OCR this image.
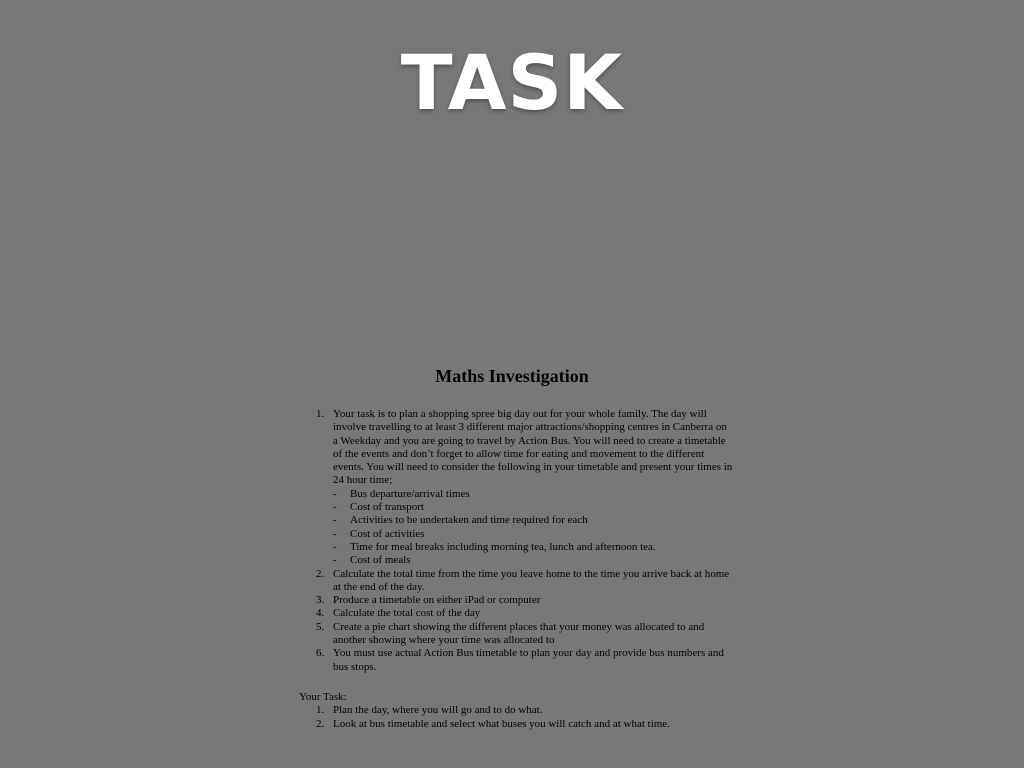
TASK
Maths Investigation
1. Your task is to plan a shopping spree big day out for your whole family. The day will involve travelling to at least 3 different major attractions/shopping centres in Canberra on a Weekday and you are going to travel by Action Bus. You will need to create a timetable of the events and don’t forget to allow time for eating and movement to the different events. You will need to consider the following in your timetable and present your times in 24 hour time;
- Bus departure/arrival times
- Cost of transport
- Activities to be undertaken and time required for each
- Cost of activities
- Time for meal breaks including morning tea, lunch and afternoon tea.
- Cost of meals
2. Calculate the total time from the time you leave home to the time you arrive back at home at the end of the day.
3. Produce a timetable on either iPad or computer
4. Calculate the total cost of the day
5. Create a pie chart showing the different places that your money was allocated to and another showing where your time was allocated to
6. You must use actual Action Bus timetable to plan your day and provide bus numbers and bus stops.
Your Task:
1. Plan the day, where you will go and to do what.
2. Look at bus timetable and select what buses you will catch and at what time.
